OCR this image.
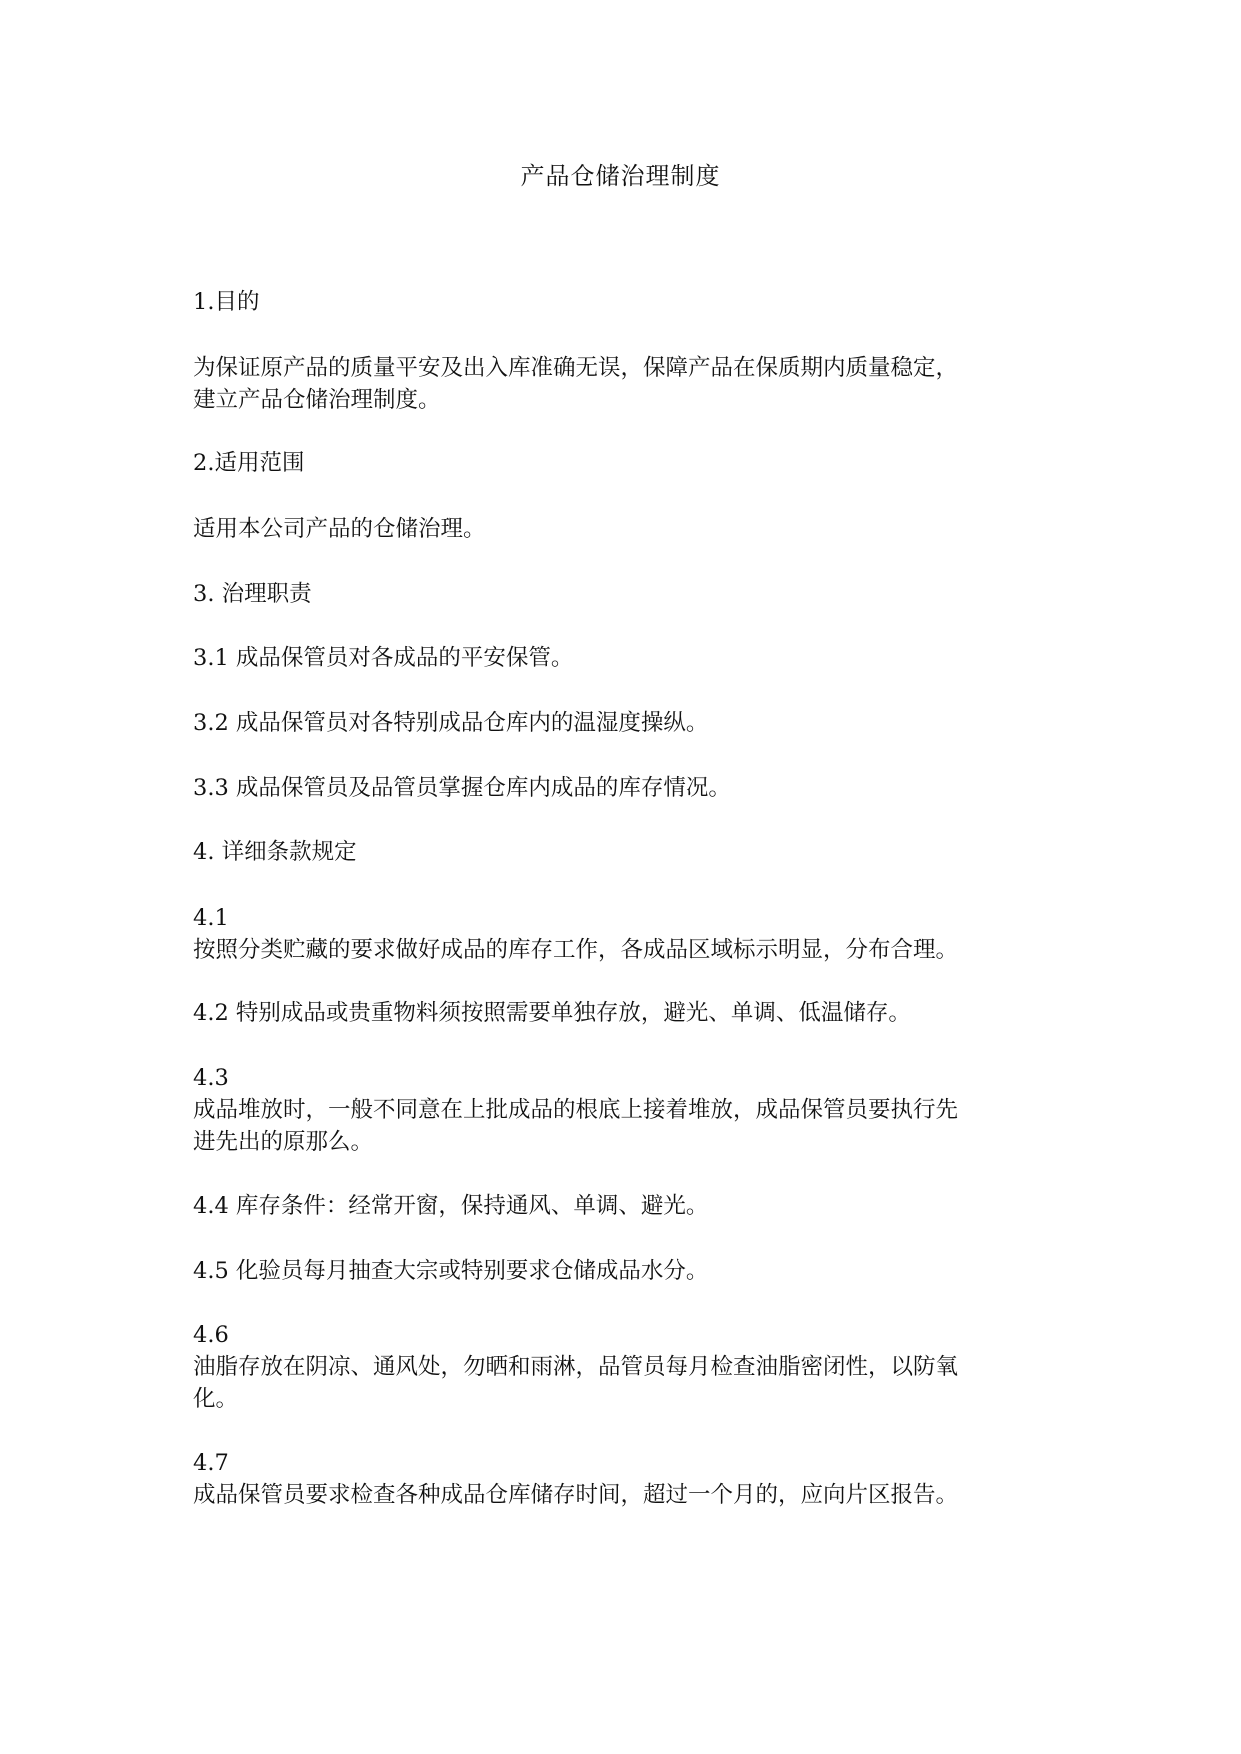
产品仓储治理制度
1.目的
为保证原产品的质量平安及出入库准确无误，保障产品在保质期内质量稳定，
建立产品仓储治理制度。
2.适用范围
适用本公司产品的仓储治理。
3. 治理职责
3.1 成品保管员对各成品的平安保管。
3.2 成品保管员对各特别成品仓库内的温湿度操纵。
3.3 成品保管员及品管员掌握仓库内成品的库存情况。
4. 详细条款规定
4.1
按照分类贮藏的要求做好成品的库存工作，各成品区域标示明显，分布合理。
4.2 特别成品或贵重物料须按照需要单独存放，避光、单调、低温储存。
4.3
成品堆放时，一般不同意在上批成品的根底上接着堆放，成品保管员要执行先
进先出的原那么。
4.4 库存条件：经常开窗，保持通风、单调、避光。
4.5 化验员每月抽查大宗或特别要求仓储成品水分。
4.6
油脂存放在阴凉、通风处，勿晒和雨淋，品管员每月检查油脂密闭性，以防氧
化。
4.7
成品保管员要求检查各种成品仓库储存时间，超过一个月的，应向片区报告。
